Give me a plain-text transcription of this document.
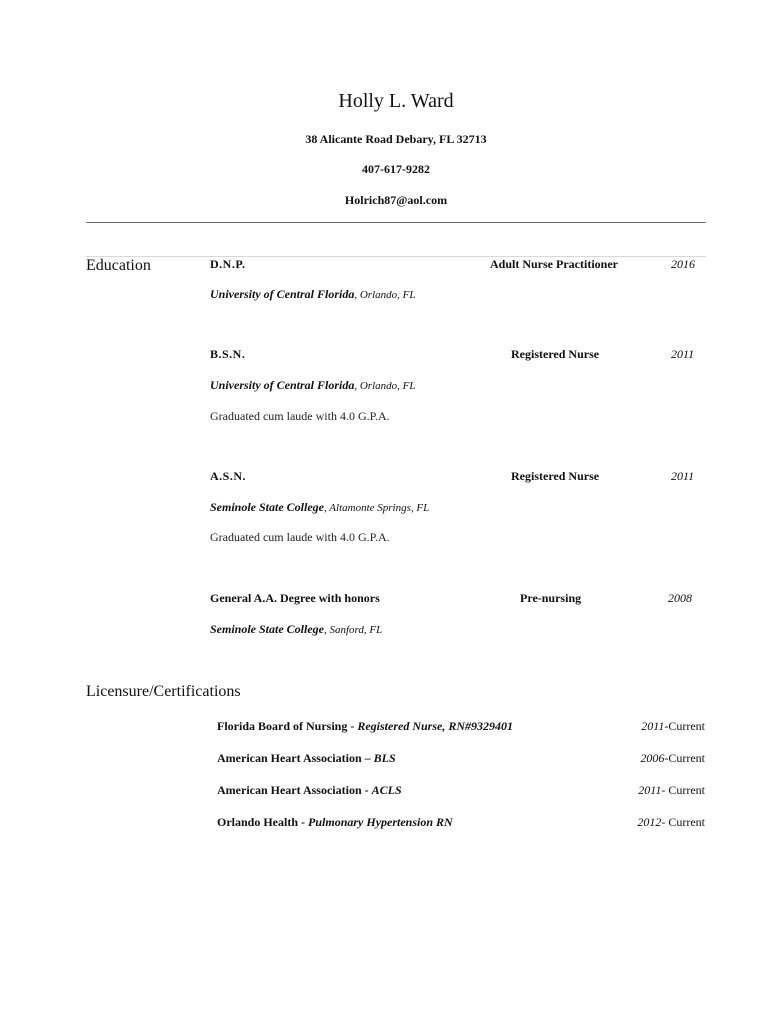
Holly L. Ward
38 Alicante Road Debary, FL 32713
407-617-9282
Holrich87@aol.com
Education	D.N.P.	Adult Nurse Practitioner	2016
University of Central Florida, Orlando, FL
B.S.N.	Registered Nurse	2011
University of Central Florida, Orlando, FL
Graduated cum laude with 4.0 G.P.A.
A.S.N.	Registered Nurse	2011
Seminole State College, Altamonte Springs, FL
Graduated cum laude with 4.0 G.P.A.
General A.A. Degree with honors	Pre-nursing	2008
Seminole State College, Sanford, FL
Licensure/Certifications
Florida Board of Nursing - Registered Nurse, RN#9329401	2011-Current
American Heart Association – BLS	2006-Current
American Heart Association - ACLS	2011- Current
Orlando Health - Pulmonary Hypertension RN	2012- Current
